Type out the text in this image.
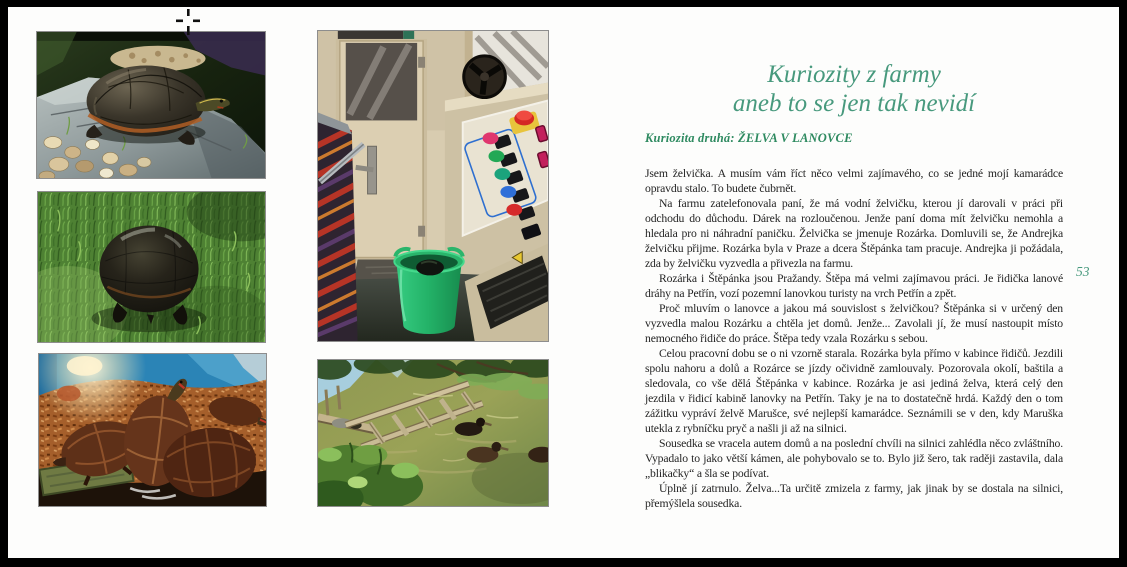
Kuriozity z farmy
aneb to se jen tak nevidí
Kuriozita druhá: ŽELVA V LANOVCE

Jsem želvička. A musím vám říct něco velmi zajímavého, co se jedné mojí kamarádce opravdu stalo. To budete čubrnět.

Na farmu zatelefonovala paní, že má vodní želvičku, kterou jí darovali v práci při odchodu do důchodu. Dárek na rozloučenou. Jenže paní doma mít želvičku nemohla a hledala pro ni náhradní paničku. Želvička se jmenuje Rozárka. Domluvili se, že Andrejka želvičku přijme. Rozárka byla v Praze a dcera Štěpánka tam pracuje. Andrejka ji požádala, zda by želvičku vyzvedla a přivezla na farmu.

Rozárka i Štěpánka jsou Pražandy. Štěpa má velmi zajímavou práci. Je řidička lanové dráhy na Petřín, vozí pozemní lanovkou turisty na vrch Petřín a zpět.

Proč mluvím o lanovce a jakou má souvislost s želvičkou? Štěpánka si v určený den vyzvedla malou Rozárku a chtěla jet domů. Jenže... Zavolali jí, že musí nastoupit místo nemocného řidiče do práce. Štěpa tedy vzala Rozárku s sebou.

Celou pracovní dobu se o ni vzorně starala. Rozárka byla přímo v kabince řidičů. Jezdili spolu nahoru a dolů a Rozárce se jízdy očividně zamlouvaly. Pozorovala okolí, baštila a sledovala, co vše dělá Štěpánka v kabince. Rozárka je asi jediná želva, která celý den jezdila v řidicí kabině lanovky na Petřín. Taky je na to dostatečně hrdá. Každý den o tom zážitku vypráví želvě Marušce, své nejlepší kamarádce. Seznámili se v den, kdy Maruška utekla z rybníčku pryč a našli ji až na silnici.

Sousedka se vracela autem domů a na poslední chvíli na silnici zahlédla něco zvláštního. Vypadalo to jako větší kámen, ale pohybovalo se to. Bylo již šero, tak raději zastavila, dala „blikačky“ a šla se podívat.

Úplně jí zatrnulo. Želva...Ta určitě zmizela z farmy, jak jinak by se dostala na silnici, přemýšlela sousedka.

53
